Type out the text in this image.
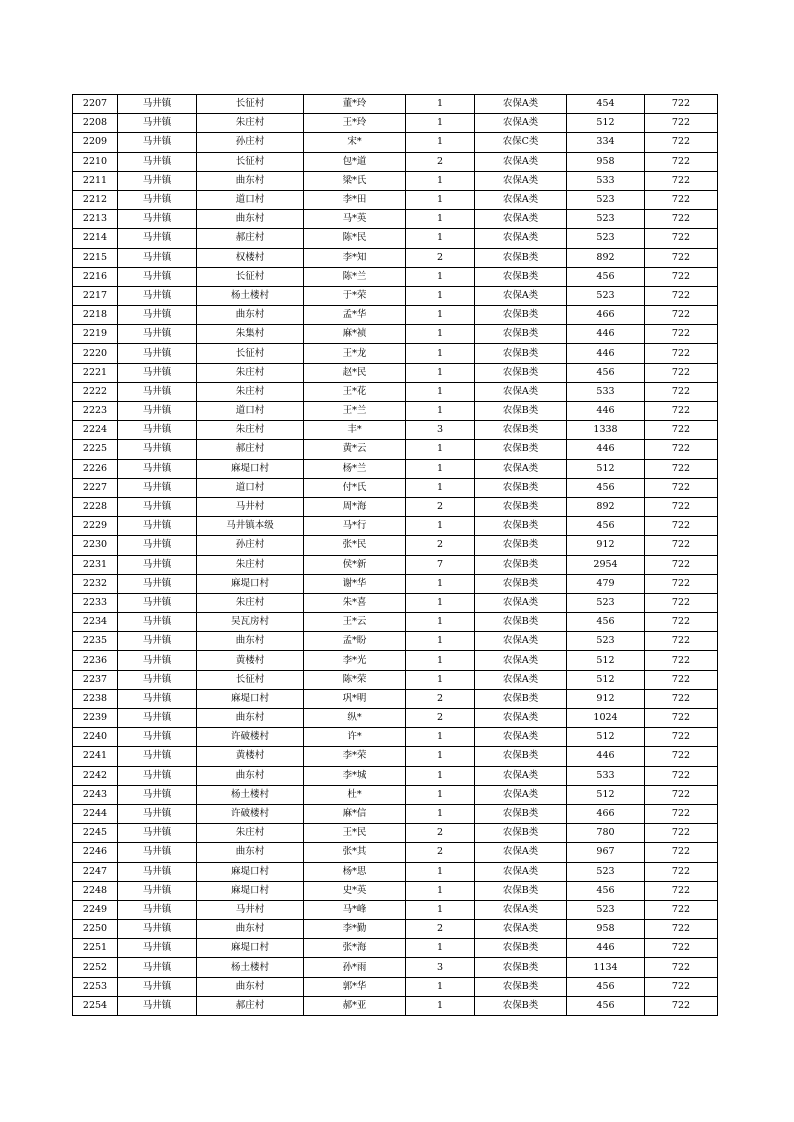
2207	马井镇	长征村	董*玲	1	农保A类	454	722
2208	马井镇	朱庄村	王*玲	1	农保A类	512	722
2209	马井镇	孙庄村	宋*	1	农保C类	334	722
2210	马井镇	长征村	包*道	2	农保A类	958	722
2211	马井镇	曲东村	梁*氏	1	农保A类	533	722
2212	马井镇	道口村	李*田	1	农保A类	523	722
2213	马井镇	曲东村	马*英	1	农保A类	523	722
2214	马井镇	郝庄村	陈*民	1	农保A类	523	722
2215	马井镇	权楼村	李*知	2	农保B类	892	722
2216	马井镇	长征村	陈*兰	1	农保B类	456	722
2217	马井镇	杨土楼村	于*荣	1	农保A类	523	722
2218	马井镇	曲东村	孟*华	1	农保B类	466	722
2219	马井镇	朱集村	麻*祯	1	农保B类	446	722
2220	马井镇	长征村	王*龙	1	农保B类	446	722
2221	马井镇	朱庄村	赵*民	1	农保B类	456	722
2222	马井镇	朱庄村	王*花	1	农保A类	533	722
2223	马井镇	道口村	王*兰	1	农保B类	446	722
2224	马井镇	朱庄村	丰*	3	农保B类	1338	722
2225	马井镇	郝庄村	黄*云	1	农保B类	446	722
2226	马井镇	麻堤口村	杨*兰	1	农保A类	512	722
2227	马井镇	道口村	付*氏	1	农保B类	456	722
2228	马井镇	马井村	周*海	2	农保B类	892	722
2229	马井镇	马井镇本级	马*行	1	农保B类	456	722
2230	马井镇	孙庄村	张*民	2	农保B类	912	722
2231	马井镇	朱庄村	侯*新	7	农保B类	2954	722
2232	马井镇	麻堤口村	谢*华	1	农保B类	479	722
2233	马井镇	朱庄村	朱*喜	1	农保A类	523	722
2234	马井镇	吴瓦房村	王*云	1	农保B类	456	722
2235	马井镇	曲东村	孟*盼	1	农保A类	523	722
2236	马井镇	黄楼村	李*光	1	农保A类	512	722
2237	马井镇	长征村	陈*荣	1	农保A类	512	722
2238	马井镇	麻堤口村	巩*明	2	农保B类	912	722
2239	马井镇	曲东村	纵*	2	农保A类	1024	722
2240	马井镇	许破楼村	许*	1	农保A类	512	722
2241	马井镇	黄楼村	李*荣	1	农保B类	446	722
2242	马井镇	曲东村	李*城	1	农保A类	533	722
2243	马井镇	杨土楼村	杜*	1	农保A类	512	722
2244	马井镇	许破楼村	麻*信	1	农保B类	466	722
2245	马井镇	朱庄村	王*民	2	农保B类	780	722
2246	马井镇	曲东村	张*其	2	农保A类	967	722
2247	马井镇	麻堤口村	杨*思	1	农保A类	523	722
2248	马井镇	麻堤口村	史*英	1	农保B类	456	722
2249	马井镇	马井村	马*峰	1	农保A类	523	722
2250	马井镇	曲东村	李*勤	2	农保A类	958	722
2251	马井镇	麻堤口村	张*海	1	农保B类	446	722
2252	马井镇	杨土楼村	孙*雨	3	农保B类	1134	722
2253	马井镇	曲东村	郭*华	1	农保B类	456	722
2254	马井镇	郝庄村	郝*亚	1	农保B类	456	722
